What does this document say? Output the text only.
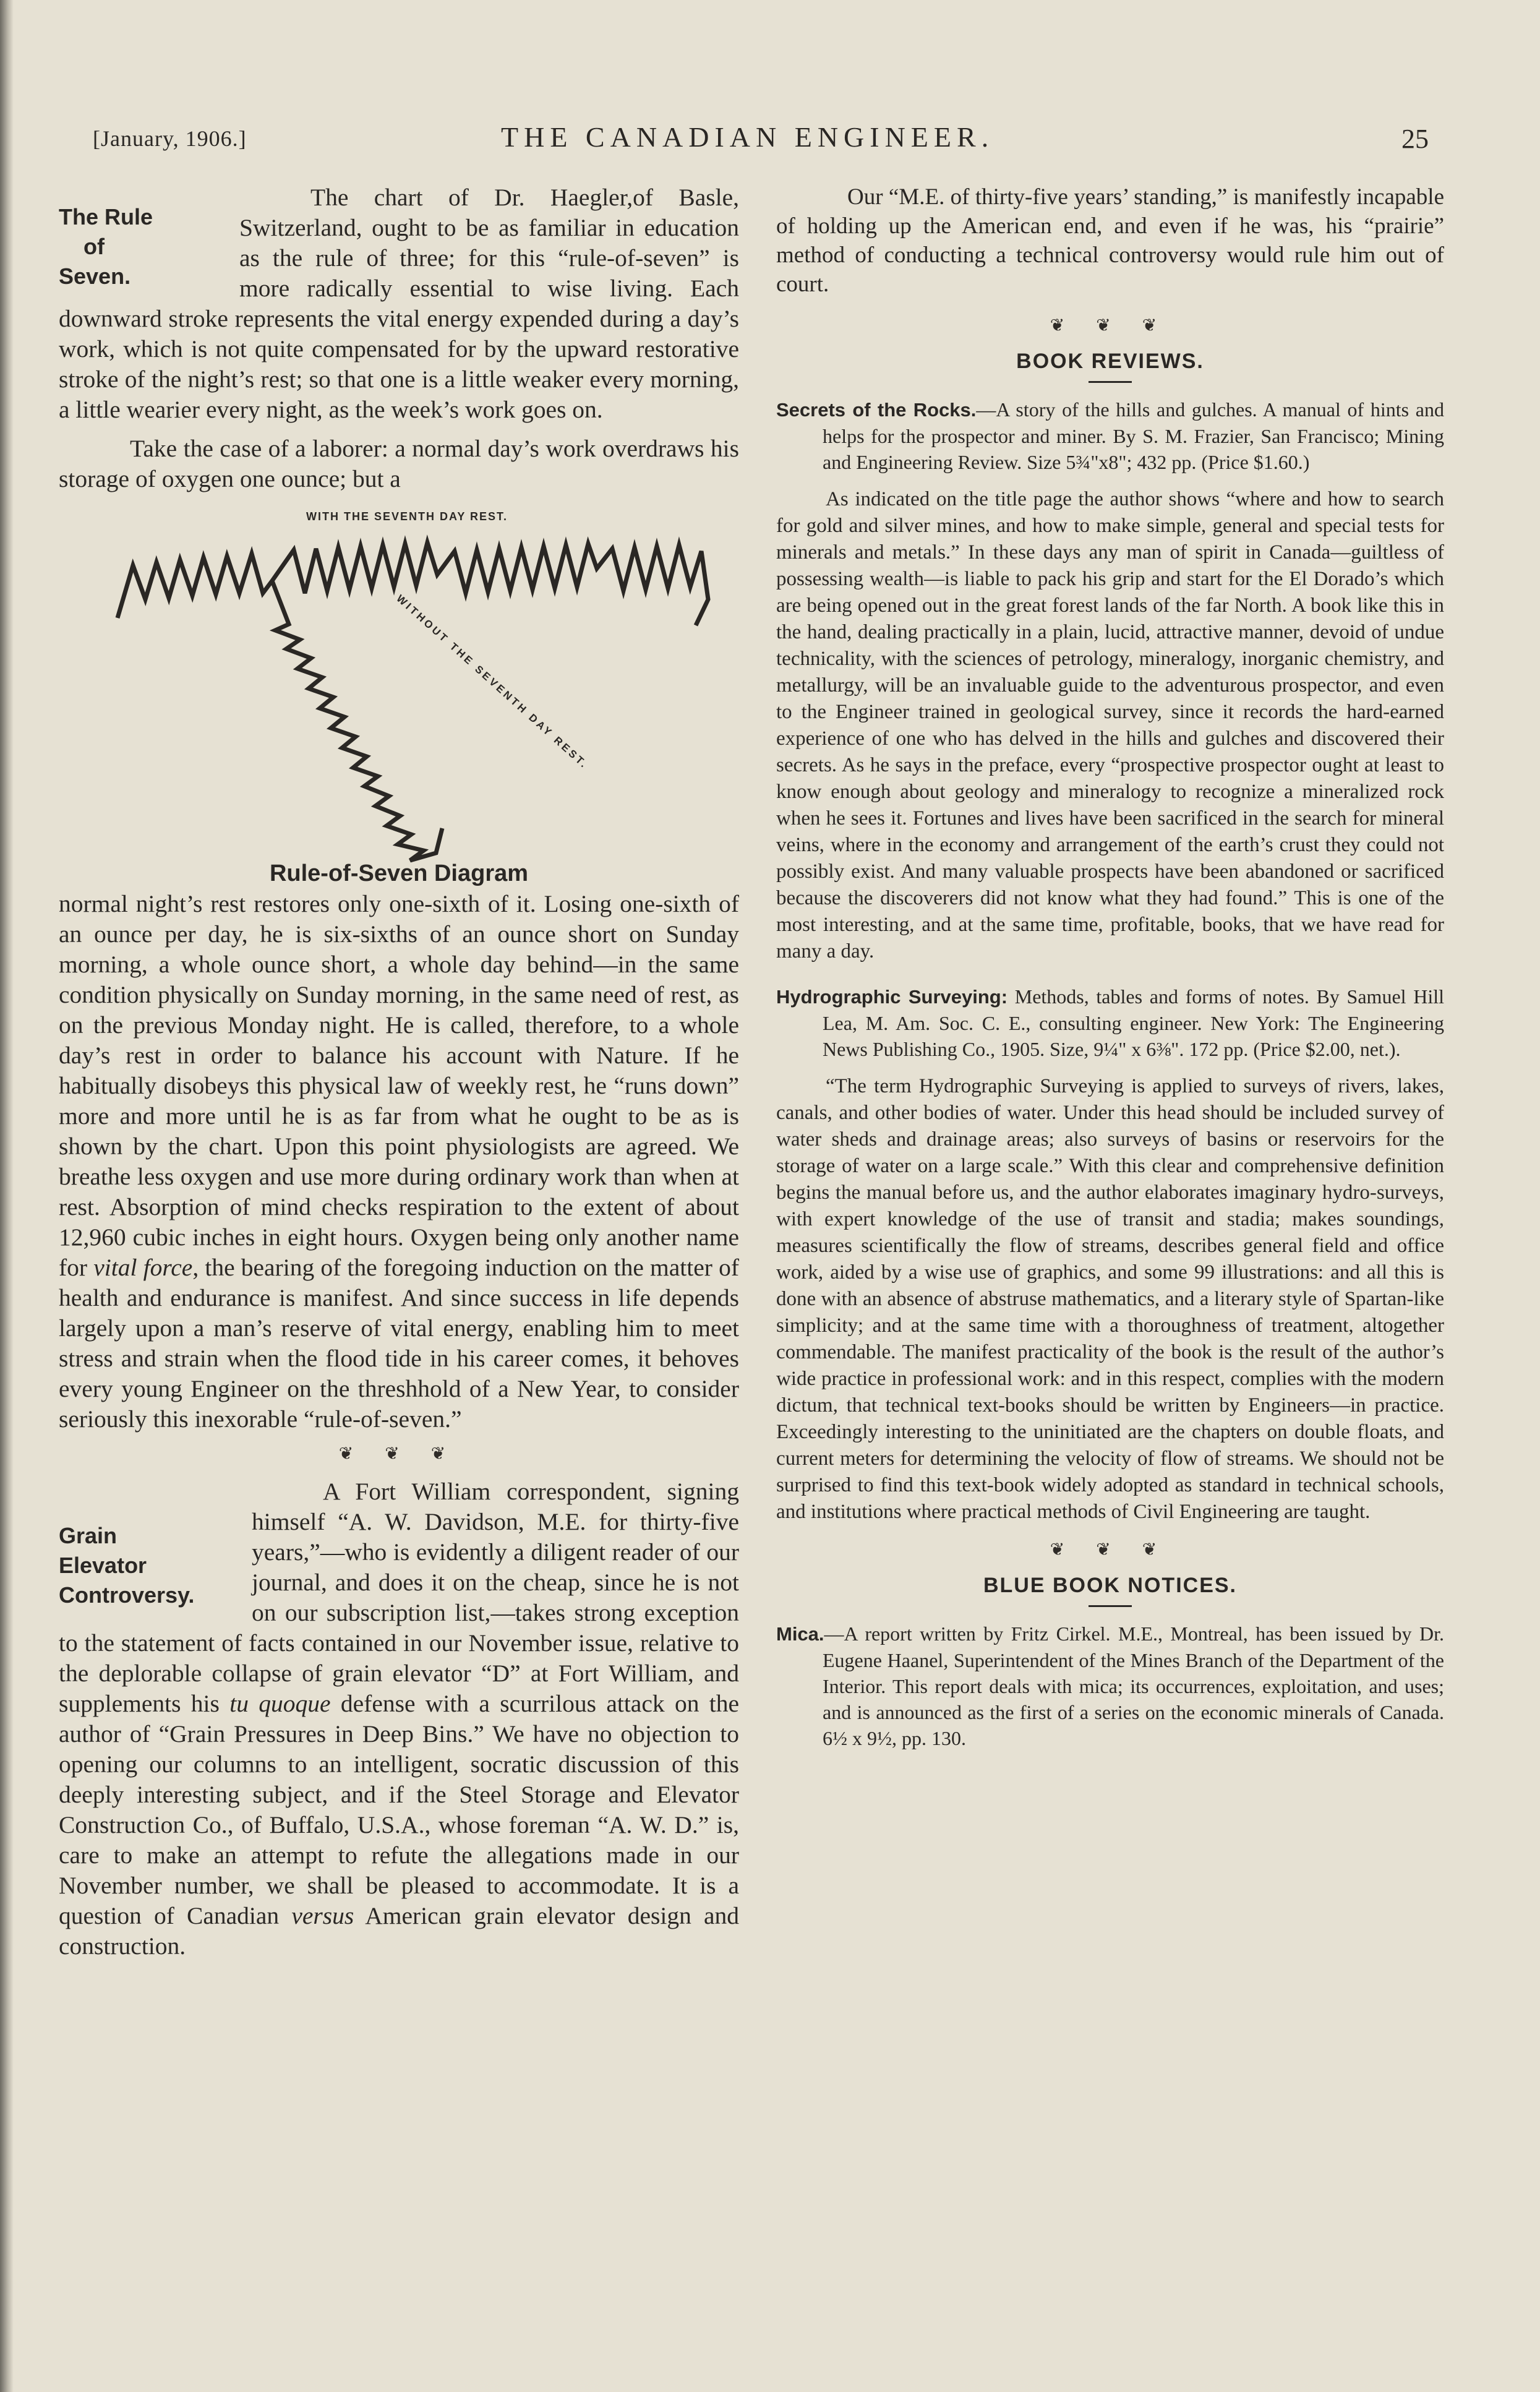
[January, 1906.]	THE CANADIAN ENGINEER.	25
The Rule
of
Seven.

The chart of Dr. Haegler,of Basle, Switzerland, ought to be as familiar in education as the rule of three; for this “rule-of-seven” is more radically essential to wise living. Each downward stroke represents the vital energy expended during a day’s work, which is not quite compensated for by the upward restorative stroke of the night’s rest; so that one is a little weaker every morning, a little wearier every night, as the week’s work goes on.

Take the case of a laborer: a normal day’s work overdraws his storage of oxygen one ounce; but a

WITH THE SEVENTH DAY REST.
WITHOUT THE SEVENTH DAY REST.
Rule-of-Seven Diagram

normal night’s rest restores only one-sixth of it. Losing one-sixth of an ounce per day, he is six-sixths of an ounce short on Sunday morning, a whole ounce short, a whole day behind—in the same condition physically on Sunday morning, in the same need of rest, as on the previous Monday night. He is called, therefore, to a whole day’s rest in order to balance his account with Nature. If he habitually disobeys this physical law of weekly rest, he “runs down” more and more until he is as far from what he ought to be as is shown by the chart. Upon this point physiologists are agreed. We breathe less oxygen and use more during ordinary work than when at rest. Absorption of mind checks respiration to the extent of about 12,960 cubic inches in eight hours. Oxygen being only another name for vital force, the bearing of the foregoing induction on the matter of health and endurance is manifest. And since success in life depends largely upon a man’s reserve of vital energy, enabling him to meet stress and strain when the flood tide in his career comes, it behoves every young Engineer on the threshhold of a New Year, to consider seriously this inexorable “rule-of-seven.”

❦ ❦ ❦
Grain

Elevator
Controversy.

A Fort William correspondent, signing himself “A. W. Davidson, M.E. for thirty-five years,”—who is evidently a diligent reader of our journal, and does it on the cheap, since he is not on our subscription list,—takes strong exception to the statement of facts contained in our November issue, relative to the deplorable collapse of grain elevator “D” at Fort William, and supplements his tu quoque defense with a scurrilous attack on the author of “Grain Pressures in Deep Bins.” We have no objection to opening our columns to an intelligent, socratic discussion of this deeply interesting subject, and if the Steel Storage and Elevator Construction Co., of Buffalo, U.S.A., whose foreman “A. W. D.” is, care to make an attempt to refute the allegations made in our November number, we shall be pleased to accommodate. It is a question of Canadian versus American grain elevator design and construction.

Our “M.E. of thirty-five years’ standing,” is manifestly incapable of holding up the American end, and even if he was, his “prairie” method of conducting a technical controversy would rule him out of court.

❦ ❦ ❦
BOOK REVIEWS.

Secrets of the Rocks.—A story of the hills and gulches. A manual of hints and helps for the prospector and miner. By S. M. Frazier, San Francisco; Mining and Engineering Review. Size 5¾"x8"; 432 pp. (Price $1.60.)

As indicated on the title page the author shows “where and how to search for gold and silver mines, and how to make simple, general and special tests for minerals and metals.” In these days any man of spirit in Canada—guiltless of possessing wealth—is liable to pack his grip and start for the El Dorado’s which are being opened out in the great forest lands of the far North. A book like this in the hand, dealing practically in a plain, lucid, attractive manner, devoid of undue technicality, with the sciences of petrology, mineralogy, inorganic chemistry, and metallurgy, will be an invaluable guide to the adventurous prospector, and even to the Engineer trained in geological survey, since it records the hard-earned experience of one who has delved in the hills and gulches and discovered their secrets. As he says in the preface, every “prospective prospector ought at least to know enough about geology and mineralogy to recognize a mineralized rock when he sees it. Fortunes and lives have been sacrificed in the search for mineral veins, where in the economy and arrangement of the earth’s crust they could not possibly exist. And many valuable prospects have been abandoned or sacrificed because the discoverers did not know what they had found.” This is one of the most interesting, and at the same time, profitable, books, that we have read for many a day.

Hydrographic Surveying: Methods, tables and forms of notes. By Samuel Hill Lea, M. Am. Soc. C. E., consulting engineer. New York: The Engineering News Publishing Co., 1905. Size, 9¼" x 6⅜". 172 pp. (Price $2.00, net.).

“The term Hydrographic Surveying is applied to surveys of rivers, lakes, canals, and other bodies of water. Under this head should be included survey of water sheds and drainage areas; also surveys of basins or reservoirs for the storage of water on a large scale.” With this clear and comprehensive definition begins the manual before us, and the author elaborates imaginary hydro-surveys, with expert knowledge of the use of transit and stadia; makes soundings, measures scientifically the flow of streams, describes general field and office work, aided by a wise use of graphics, and some 99 illustrations: and all this is done with an absence of abstruse mathematics, and a literary style of Spartan-like simplicity; and at the same time with a thoroughness of treatment, altogether commendable. The manifest practicality of the book is the result of the author’s wide practice in professional work: and in this respect, complies with the modern dictum, that technical text-books should be written by Engineers—in practice. Exceedingly interesting to the uninitiated are the chapters on double floats, and current meters for determining the velocity of flow of streams. We should not be surprised to find this text-book widely adopted as standard in technical schools, and institutions where practical methods of Civil Engineering are taught.

❦ ❦ ❦
BLUE BOOK NOTICES.

Mica.—A report written by Fritz Cirkel. M.E., Montreal, has been issued by Dr. Eugene Haanel, Superintendent of the Mines Branch of the Department of the Interior. This report deals with mica; its occurrences, exploitation, and uses; and is announced as the first of a series on the economic minerals of Canada. 6½ x 9½, pp. 130.
